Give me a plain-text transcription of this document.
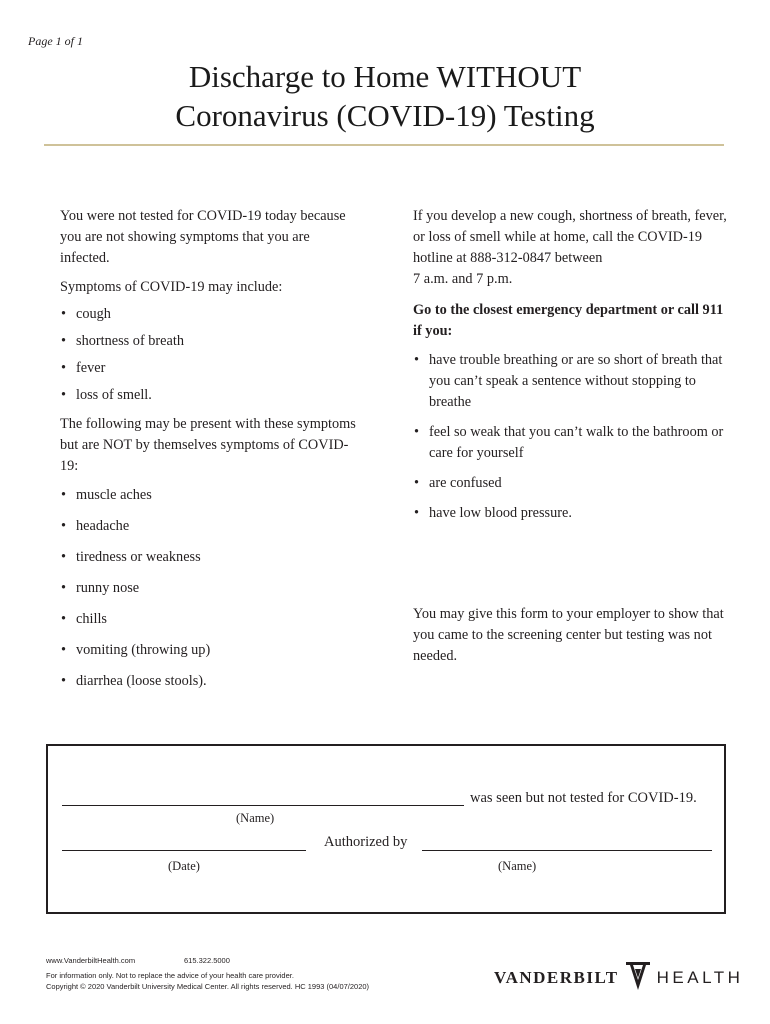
Page 1 of 1
Discharge to Home WITHOUT
Coronavirus (COVID-19) Testing

You were not tested for COVID-19 today because you are not showing symptoms that you are infected.

Symptoms of COVID-19 may include:

• cough
• shortness of breath
• fever
• loss of smell.

The following may be present with these symptoms but are NOT by themselves symptoms of COVID-19:

• muscle aches
• headache
• tiredness or weakness
• runny nose
• chills
• vomiting (throwing up)
• diarrhea (loose stools).

If you develop a new cough, shortness of breath, fever, or loss of smell while at home, call the COVID-19 hotline at 888-312-0847 between

7 a.m. and 7 p.m.

Go to the closest emergency department or call 911 if you:

• have trouble breathing or are so short of breath that you can’t speak a sentence without stopping to breathe
• feel so weak that you can’t walk to the bathroom or care for yourself
• are confused
• have low blood pressure.
You may give this form to your employer to show that you came to the screening center but testing was not needed.
was seen but not tested for COVID-19.
(Name)
Authorized by
(Date)	(Name)
www.VanderbiltHealth.com	615.322.5000
For information only. Not to replace the advice of your health care provider.
Copyright © 2020 Vanderbilt University Medical Center. All rights reserved. HC 1993 (04/07/2020)	VANDERBILT HEALTH
